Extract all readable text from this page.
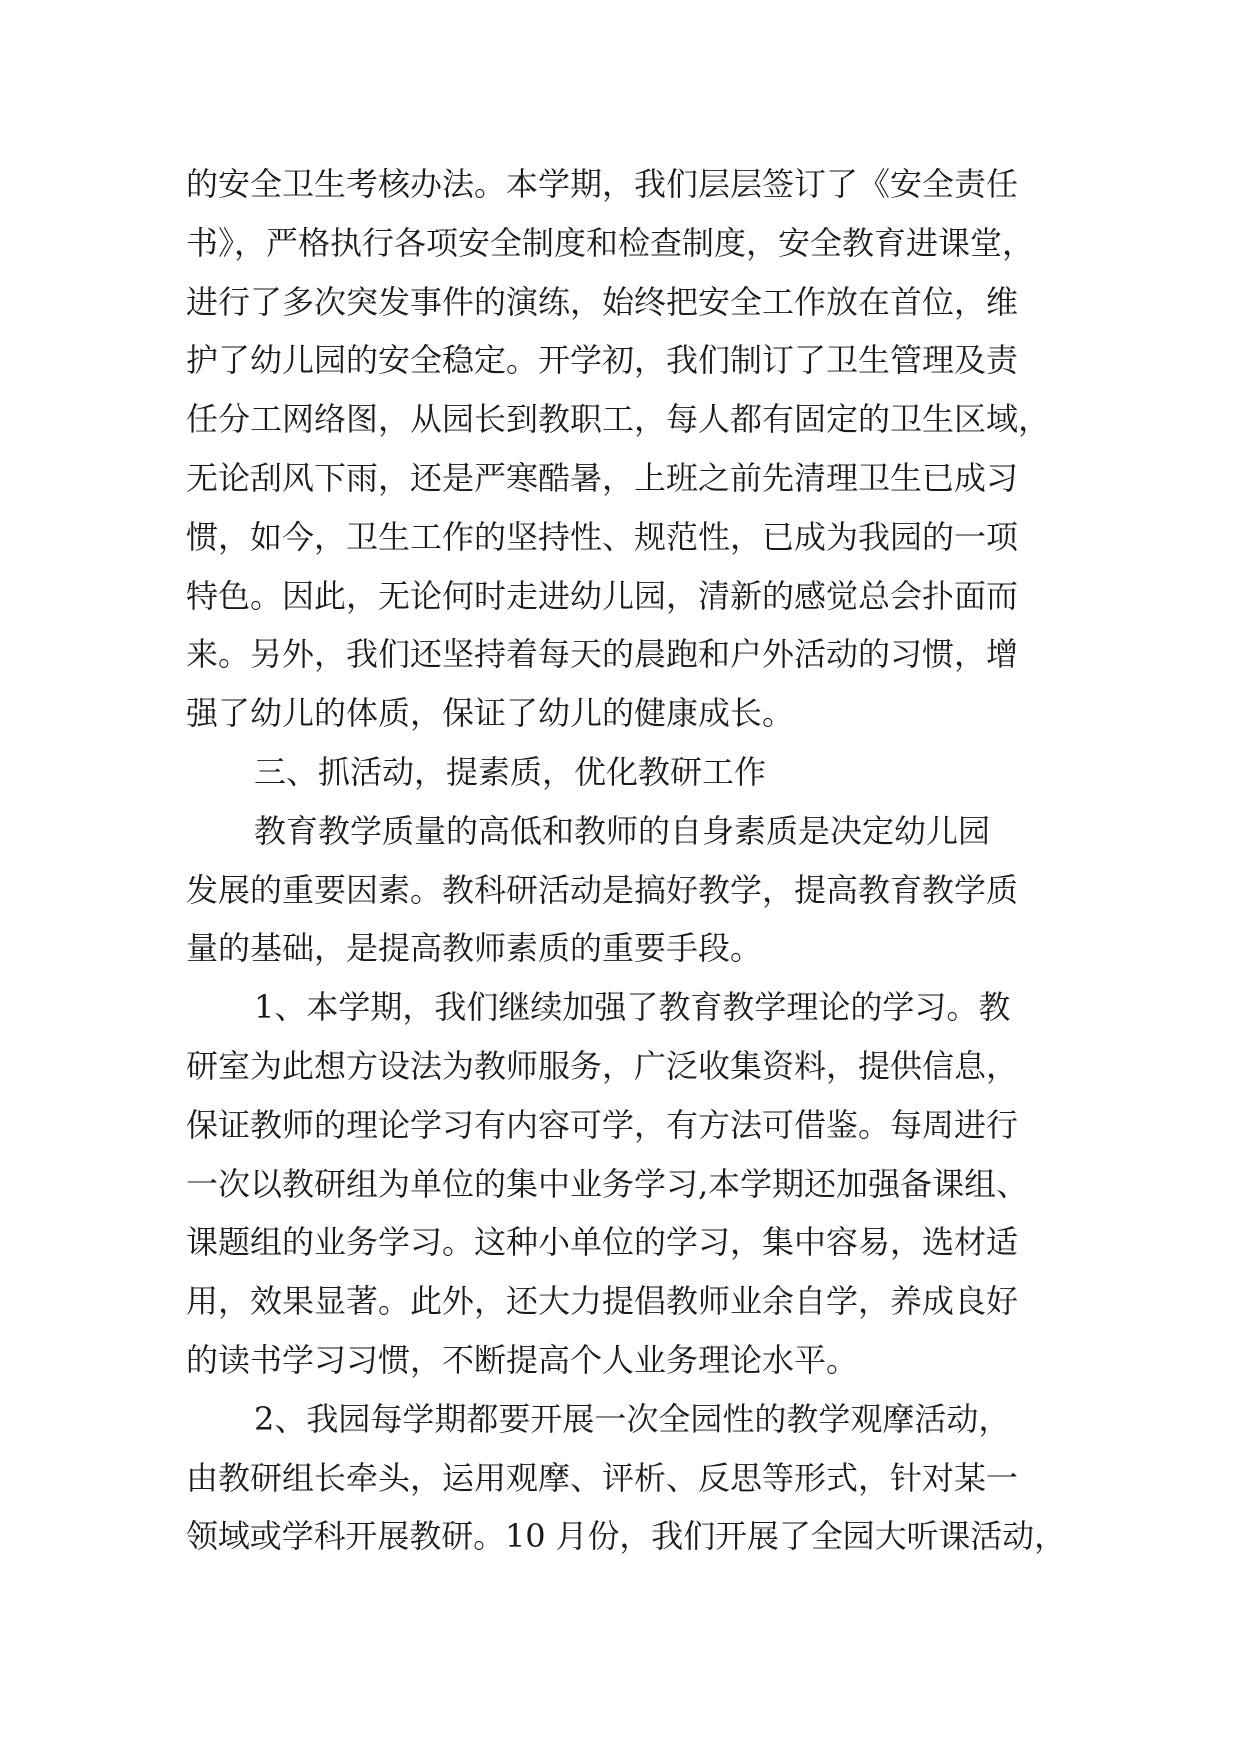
的安全卫生考核办法。本学期，我们层层签订了《安全责任
书》，严格执行各项安全制度和检查制度，安全教育进课堂，
进行了多次突发事件的演练，始终把安全工作放在首位，维
护了幼儿园的安全稳定。开学初，我们制订了卫生管理及责
任分工网络图，从园长到教职工，每人都有固定的卫生区域，
无论刮风下雨，还是严寒酷暑，上班之前先清理卫生已成习
惯，如今，卫生工作的坚持性、规范性，已成为我园的一项
特色。因此，无论何时走进幼儿园，清新的感觉总会扑面而
来。另外，我们还坚持着每天的晨跑和户外活动的习惯，增
强了幼儿的体质，保证了幼儿的健康成长。
三、抓活动，提素质，优化教研工作
教育教学质量的高低和教师的自身素质是决定幼儿园
发展的重要因素。教科研活动是搞好教学，提高教育教学质
量的基础，是提高教师素质的重要手段。
1、本学期，我们继续加强了教育教学理论的学习。教
研室为此想方设法为教师服务，广泛收集资料，提供信息，
保证教师的理论学习有内容可学，有方法可借鉴。每周进行
一次以教研组为单位的集中业务学习,本学期还加强备课组、
课题组的业务学习。这种小单位的学习，集中容易，选材适
用，效果显著。此外，还大力提倡教师业余自学，养成良好
的读书学习习惯，不断提高个人业务理论水平。
2、我园每学期都要开展一次全园性的教学观摩活动，
由教研组长牵头，运用观摩、评析、反思等形式，针对某一
领域或学科开展教研。10 月份，我们开展了全园大听课活动，
